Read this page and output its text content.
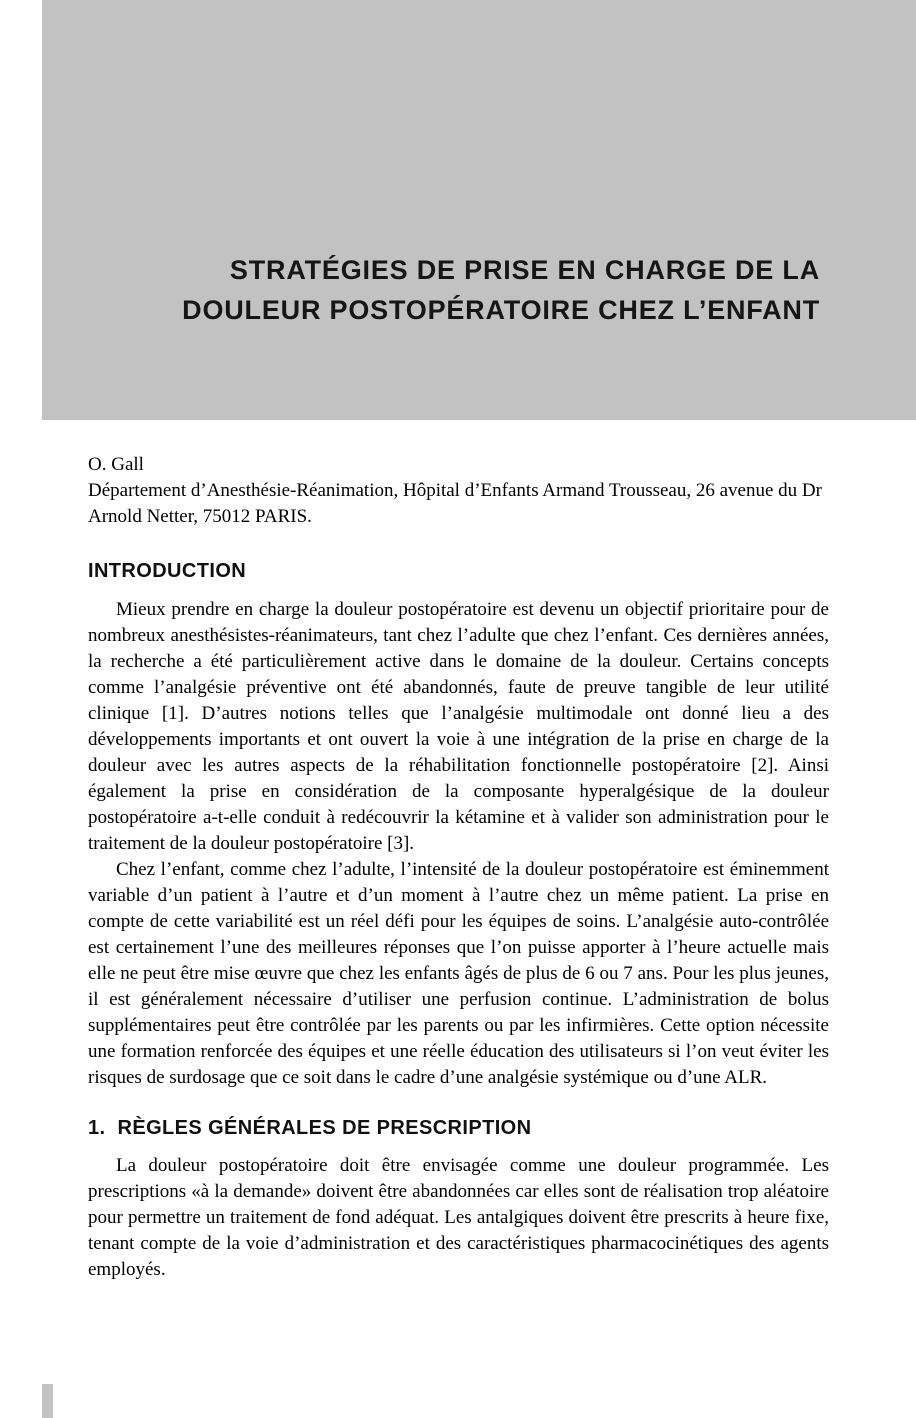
STRATÉGIES DE PRISE EN CHARGE DE LA
DOULEUR POSTOPÉRATOIRE CHEZ L’ENFANT
O. Gall
Département d’Anesthésie-Réanimation, Hôpital d’Enfants Armand Trousseau, 26 avenue du Dr Arnold Netter, 75012 PARIS.
INTRODUCTION

Mieux prendre en charge la douleur postopératoire est devenu un objectif prioritaire pour de nombreux anesthésistes-réanimateurs, tant chez l’adulte que chez l’enfant. Ces dernières années, la recherche a été particulièrement active dans le domaine de la douleur. Certains concepts comme l’analgésie préventive ont été abandonnés, faute de preuve tangible de leur utilité clinique [1]. D’autres notions telles que l’analgésie multimodale ont donné lieu a des développements importants et ont ouvert la voie à une intégration de la prise en charge de la douleur avec les autres aspects de la réhabilitation fonctionnelle postopératoire [2]. Ainsi également la prise en considération de la composante hyperalgésique de la douleur postopératoire a-t-elle conduit à redécouvrir la kétamine et à valider son administration pour le traitement de la douleur postopératoire [3].

Chez l’enfant, comme chez l’adulte, l’intensité de la douleur postopératoire est éminemment variable d’un patient à l’autre et d’un moment à l’autre chez un même patient. La prise en compte de cette variabilité est un réel défi pour les équipes de soins. L’analgésie auto-contrôlée est certainement l’une des meilleures réponses que l’on puisse apporter à l’heure actuelle mais elle ne peut être mise œuvre que chez les enfants âgés de plus de 6 ou 7 ans. Pour les plus jeunes, il est généralement nécessaire d’utiliser une perfusion continue. L’administration de bolus supplémentaires peut être contrôlée par les parents ou par les infirmières. Cette option nécessite une formation renforcée des équipes et une réelle éducation des utilisateurs si l’on veut éviter les risques de surdosage que ce soit dans le cadre d’une analgésie systémique ou d’une ALR.

1. RÈGLES GÉNÉRALES DE PRESCRIPTION

La douleur postopératoire doit être envisagée comme une douleur programmée. Les prescriptions «à la demande» doivent être abandonnées car elles sont de réalisation trop aléatoire pour permettre un traitement de fond adéquat. Les antalgiques doivent être prescrits à heure fixe, tenant compte de la voie d’administration et des caractéristiques pharmacocinétiques des agents employés.
